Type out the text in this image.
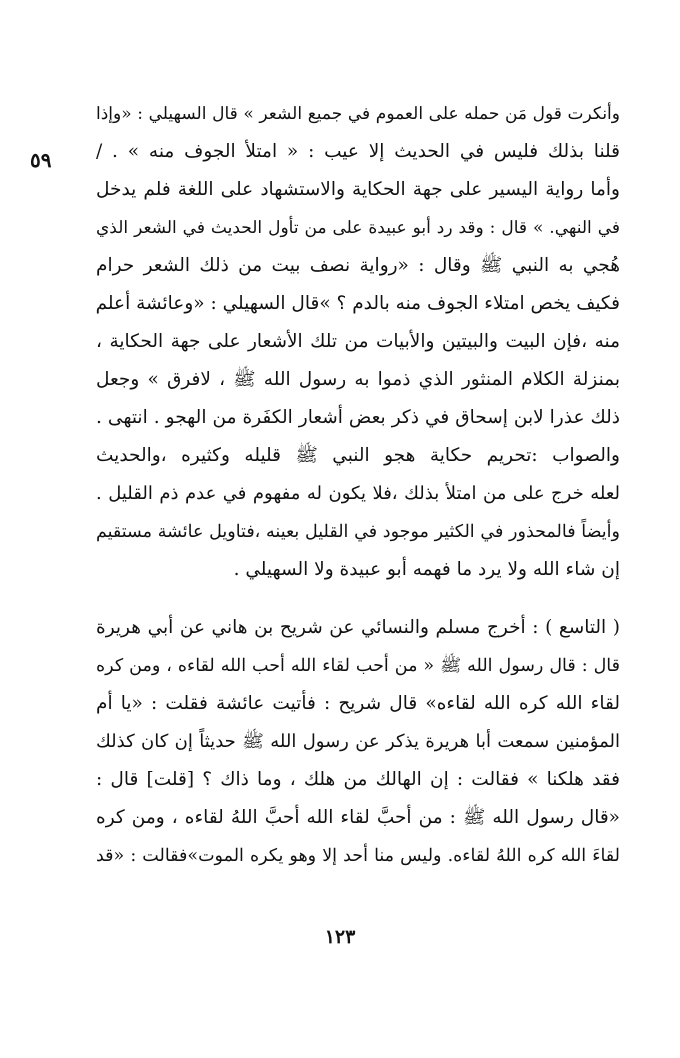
٥٩
وأنكرت قول مَن حمله على العموم في جميع الشعر » قال السهيلي : «وإذا
قلنا بذلك فليس في الحديث إلا عيب : « امتلأ الجوف منه » . /
وأما رواية اليسير على جهة الحكاية والاستشهاد على اللغة فلم يدخل
في النهي. » قال : وقد رد أبو عبيدة على من تأول الحديث في الشعر الذي
هُجي به النبي ﷺ وقال : «رواية نصف بيت من ذلك الشعر حرام
فكيف يخص امتلاء الجوف منه بالدم ؟ »قال السهيلي : «وعائشة أعلم
منه ،فإن البيت والبيتين والأبيات من تلك الأشعار على جهة الحكاية ،
بمنزلة الكلام المنثور الذي ذموا به رسول الله ﷺ ، لافرق » وجعل
ذلك عذرا لابن إسحاق في ذكر بعض أشعار الكفَرة من الهجو . انتهى .
والصواب :تحريم حكاية هجو النبي ﷺ قليله وكثيره ،والحديث
لعله خرج على من امتلأ بذلك ،فلا يكون له مفهوم في عدم ذم القليل .
وأيضاً فالمحذور في الكثير موجود في القليل بعينه ،فتاويل عائشة مستقيم
إن شاء الله ولا يرد ما فهمه أبو عبيدة ولا السهيلي .
( التاسع ) : أخرج مسلم والنسائي عن شريح بن هاني عن أبي هريرة
قال : قال رسول الله ﷺ « من أحب لقاء الله أحب الله لقاءه ، ومن كره
لقاء الله كره الله لقاءه» قال شريح : فأتيت عائشة فقلت : «يا أم
المؤمنين سمعت أبا هريرة يذكر عن رسول الله ﷺ حديثاً إن كان كذلك
فقد هلكنا » فقالت : إن الهالك من هلك ، وما ذاك ؟ [قلت] قال :
«قال رسول الله ﷺ : من أحبَّ لقاء الله أحبَّ اللهُ لقاءه ، ومن كره
لقاءَ الله كره اللهُ لقاءه. وليس منا أحد إلا وهو يكره الموت»فقالت : «قد
١٢٣
